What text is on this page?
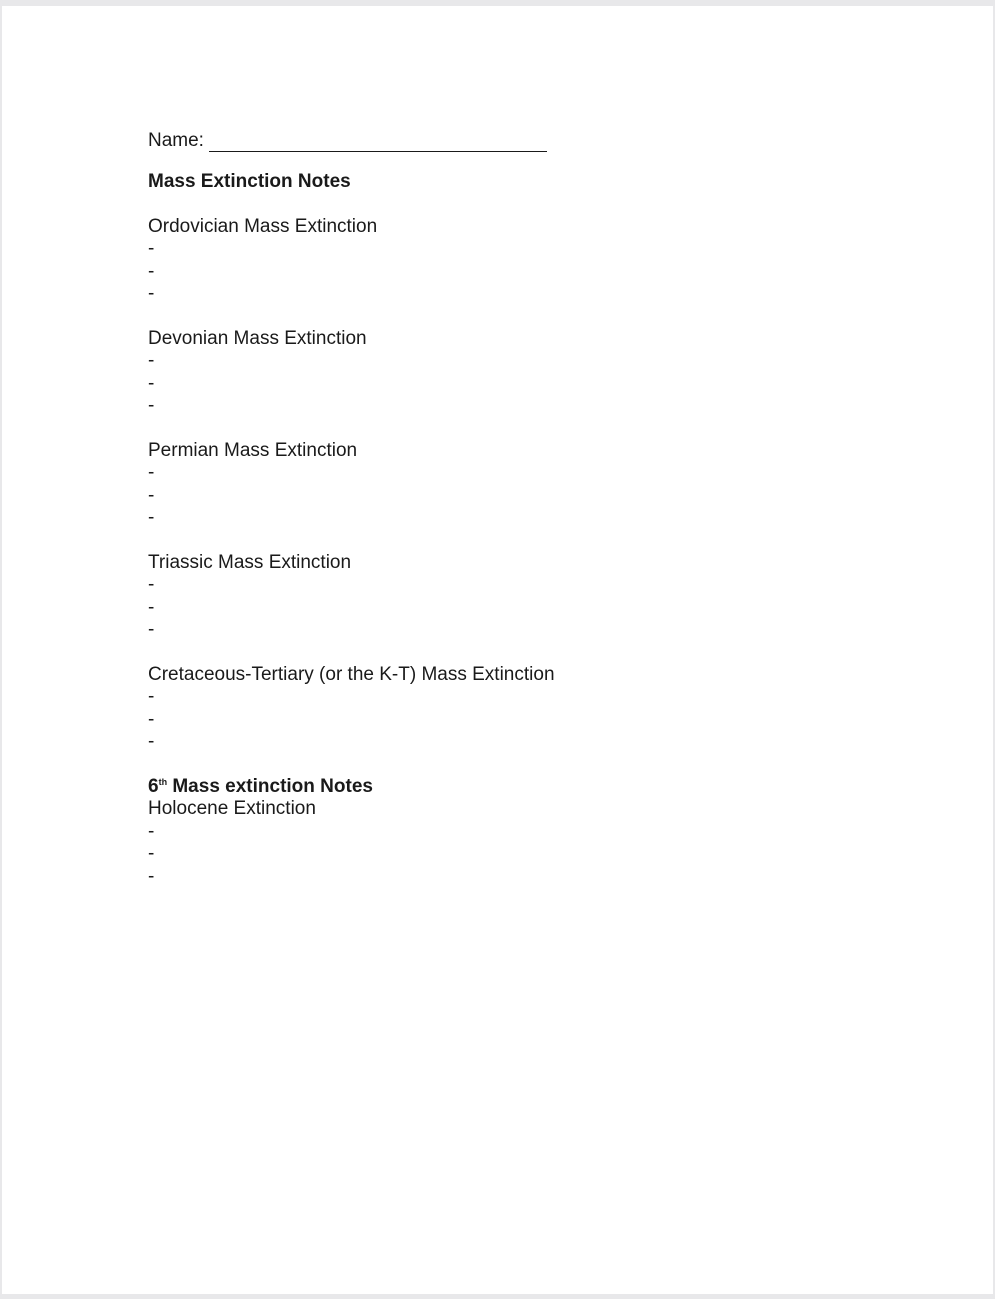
Name:
Mass Extinction Notes
Ordovician Mass Extinction
-
-
-
Devonian Mass Extinction
-
-
-
Permian Mass Extinction
-
-
-
Triassic Mass Extinction
-
-
-
Cretaceous-Tertiary (or the K-T) Mass Extinction
-
-
-
6th Mass extinction Notes
Holocene Extinction
-
-
-
